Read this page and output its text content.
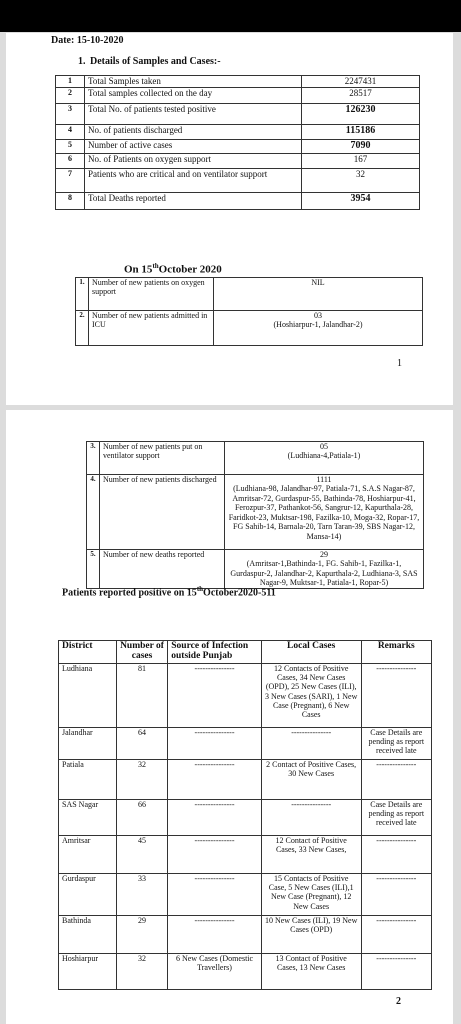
Date: 15-10-2020
1. Details of Samples and Cases:-
1	Total Samples taken	2247431
2	Total samples collected on the day	28517
3	Total No. of patients tested positive	126230
4	No. of patients discharged	115186
5	Number of active cases	7090
6	No. of Patients on oxygen support	167
7	Patients who are critical and on ventilator support	32
8	Total Deaths reported	3954
On 15thOctober 2020
1.	Number of new patients on oxygen support	NIL

2.	Number of new patients admitted in ICU	03
(Hoshiarpur-1, Jalandhar-2)
1
3.	Number of new patients put on ventilator support	05
(Ludhiana-4,Patiala-1)

4.	Number of new patients discharged	1111
(Ludhiana-98, Jalandhar-97, Patiala-71, S.A.S Nagar-87, Amritsar-72, Gurdaspur-55, Bathinda-78, Hoshiarpur-41, Ferozpur-37, Pathankot-56, Sangrur-12, Kapurthala-28, Faridkot-23, Muktsar-198, Fazilka-10, Moga-32, Ropar-17, FG Sahib-14, Barnala-20, Tarn Taran-39, SBS Nagar-12, Mansa-14)

5.	Number of new deaths reported	29
(Amritsar-1,Bathinda-1, FG. Sahib-1, Fazilka-1, Gurdaspur-2, Jalandhar-2, Kapurthala-2, Ludhiana-3, SAS Nagar-9, Muktsar-1, Patiala-1, Ropar-5)
Patients reported positive on 15thOctober2020-511
District	Number of cases	Source of Infection outside Punjab	Local Cases	Remarks
Ludhiana	81	---------------	12 Contacts of Positive Cases, 34 New Cases (OPD), 25 New Cases (ILI), 3 New Cases (SARI), 1 New Case (Pregnant), 6 New Cases	---------------
Jalandhar	64	---------------	---------------	Case Details are pending as report received late
Patiala	32	---------------	2 Contact of Positive Cases, 30 New Cases	---------------
SAS Nagar	66	---------------	---------------	Case Details are pending as report received late
Amritsar	45	---------------	12 Contact of Positive Cases, 33 New Cases,	---------------
Gurdaspur	33	---------------	15 Contacts of Positive Case, 5 New Cases (ILI),1 New Case (Pregnant), 12 New Cases	---------------
Bathinda	29	---------------	10 New Cases (ILI), 19 New Cases (OPD)	---------------
Hoshiarpur	32	6 New Cases (Domestic Travellers)	13 Contact of Positive Cases, 13 New Cases	---------------
2
